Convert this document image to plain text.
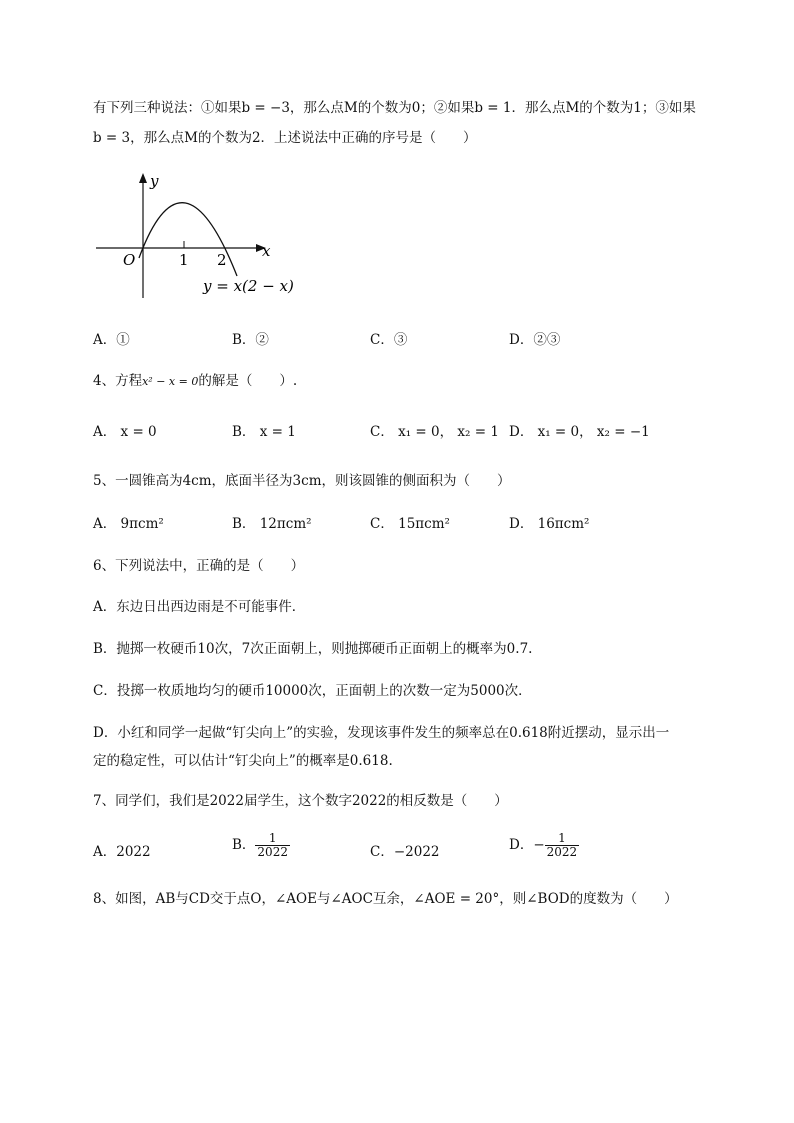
有下列三种说法：①如果b = −3，那么点M的个数为0；②如果b = 1．那么点M的个数为1；③如果
b = 3，那么点M的个数为2．上述说法中正确的序号是（　　）
y
x
O	1 2
y = x(2 − x)
A．①	B．②	C．③	D．②③
4、方程x² − x = 0的解是（　　）.
A． x = 0	B． x = 1	C． x₁ = 0， x₂ = 1 D． x₁ = 0， x₂ = −1
5、一圆锥高为4cm，底面半径为3cm，则该圆锥的侧面积为（　　）
A． 9πcm²	B． 12πcm²	C． 15πcm²	D． 16πcm²
6、下列说法中，正确的是（　　）
A．东边日出西边雨是不可能事件．
B．抛掷一枚硬币10次，7次正面朝上，则抛掷硬币正面朝上的概率为0.7.
C．投掷一枚质地均匀的硬币10000次，正面朝上的次数一定为5000次．
D．小红和同学一起做“钉尖向上”的实验，发现该事件发生的频率总在0.618附近摆动，显示出一
定的稳定性，可以估计“钉尖向上”的概率是0.618.
7、同学们，我们是2022届学生，这个数字2022的相反数是（　　）
A．2022	B． $\frac{1}{2022}$	C．−2022	D．− $\frac{1}{2022}$
8、如图，AB与CD交于点O，∠AOE与∠AOC互余，∠AOE = 20°，则∠BOD的度数为（　　）
